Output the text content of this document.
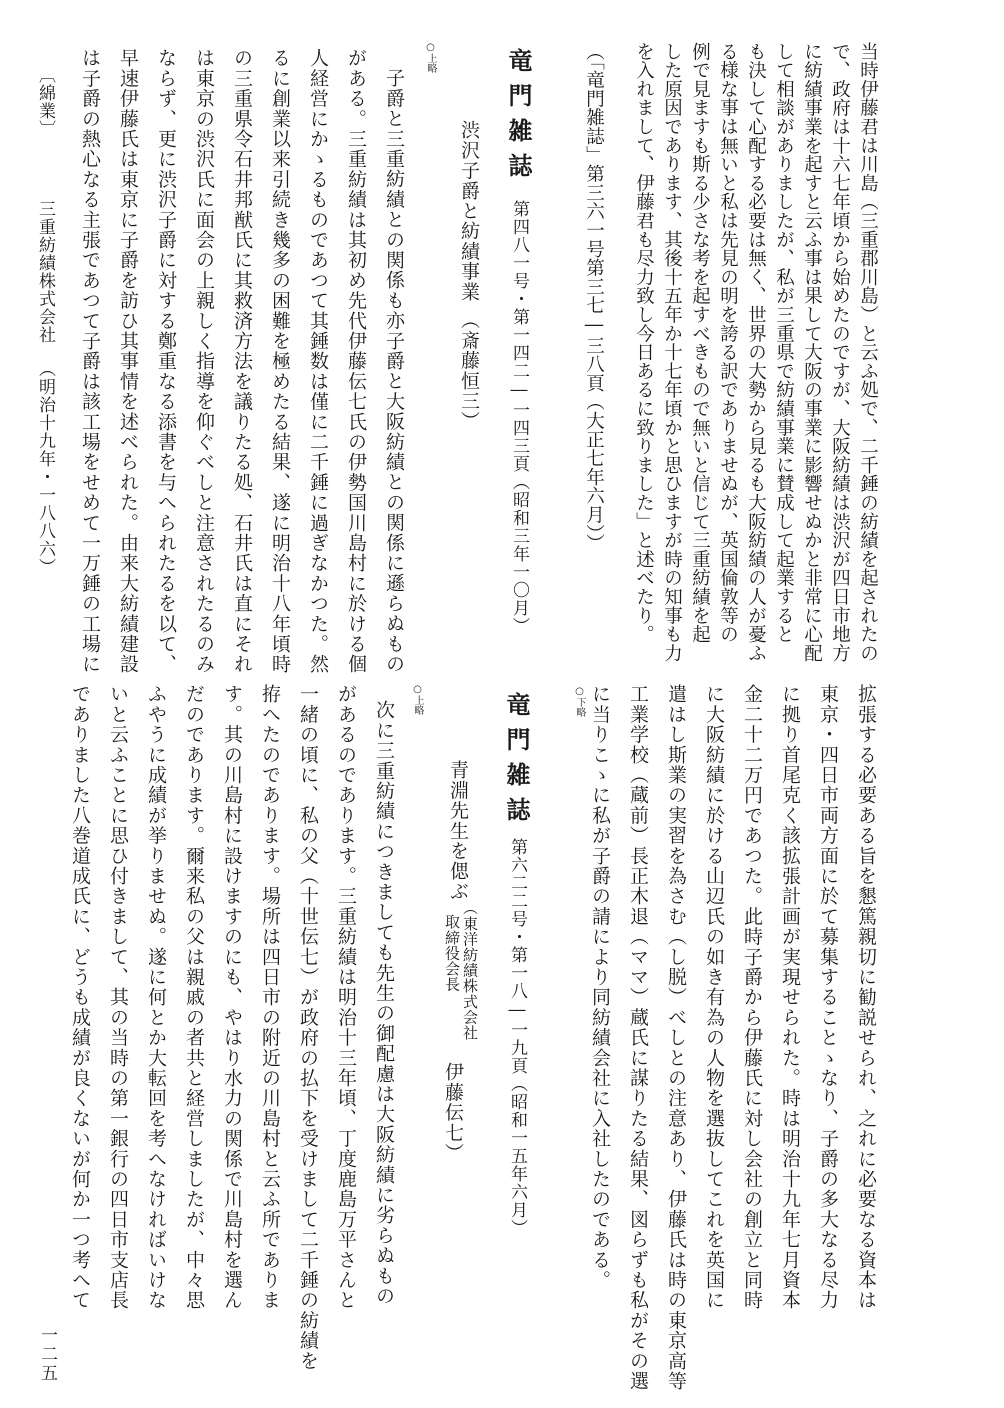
当時伊藤君は川島（三重郡川島）と云ふ処で、二千錘の紡績を起されたの
で、政府は十六七年頃から始めたのですが、大阪紡績は渋沢が四日市地方
に紡績事業を起すと云ふ事は果して大阪の事業に影響せぬかと非常に心配
して相談がありましたが、私が三重県で紡績事業に賛成して起業すると
も決して心配する必要は無く、世界の大勢から見るも大阪紡績の人が憂ふ
る様な事は無いと私は先見の明を誇る訳でありませぬが、英国倫敦等の
例で見ますも斯る少さな考を起すべきもので無いと信じて三重紡績を起
した原因であります、其後十五年か十七年頃かと思ひますが時の知事も力
を入れまして、伊藤君も尽力致し今日あるに致りました」と述べたり。
（「竜門雑誌」第三六一号第三七―三八頁（大正七年六月））
○下略
竜門雑誌
第四八一号・第一四二―一四三頁（昭和三年一〇月）
渋沢子爵と紡績事業
（斎藤恒三）
○上略
子爵と三重紡績との関係も亦子爵と大阪紡績との関係に遜らぬもの
がある。三重紡績は其初め先代伊藤伝七氏の伊勢国川島村に於ける個
人経営にかゝるものであつて其錘数は僅に二千錘に過ぎなかつた。然
るに創業以来引続き幾多の困難を極めたる結果、遂に明治十八年頃時
の三重県令石井邦猷氏に其救済方法を議りたる処、石井氏は直にそれ
は東京の渋沢氏に面会の上親しく指導を仰ぐべしと注意されたるのみ
ならず、更に渋沢子爵に対する鄭重なる添書を与へられたるを以て、
早速伊藤氏は東京に子爵を訪ひ其事情を述べられた。由来大紡績建設
は子爵の熱心なる主張であつて子爵は該工場をせめて一万錘の工場に
〔綿業〕
三重紡績株式会社
（明治十九年・一八八六）
拡張する必要ある旨を懇篤親切に勧説せられ、之れに必要なる資本は
東京・四日市両方面に於て募集することゝなり、子爵の多大なる尽力
に拠り首尾克く該拡張計画が実現せられた。時は明治十九年七月資本
金二十二万円であつた。此時子爵から伊藤氏に対し会社の創立と同時
に大阪紡績に於ける山辺氏の如き有為の人物を選抜してこれを英国に
遣はし斯業の実習を為さむ（し脱）べしとの注意あり、伊藤氏は時の東京高等
工業学校（蔵前）長正木退（ママ）蔵氏に謀りたる結果、図らずも私がその選
に当りこゝに私が子爵の請により同紡績会社に入社したのである。
竜門雑誌
第六二二号・第一八―一九頁（昭和一五年六月）
青淵先生を偲ぶ
（東洋紡績株式会社
取締役会長
伊藤伝七）
○上略
次に三重紡績につきましても先生の御配慮は大阪紡績に劣らぬもの
があるのであります。三重紡績は明治十三年頃、丁度鹿島万平さんと
一緒の頃に、私の父（十世伝七）が政府の払下を受けまして二千錘の紡績を
拵へたのであります。場所は四日市の附近の川島村と云ふ所でありま
す。其の川島村に設けますのにも、やはり水力の関係で川島村を選ん
だのであります。爾来私の父は親戚の者共と経営しましたが、中々思
ふやうに成績が挙りませぬ。遂に何とか大転回を考へなければいけな
いと云ふことに思ひ付きまして、其の当時の第一銀行の四日市支店長
でありました八巻道成氏に、どうも成績が良くないが何か一つ考へて
一二五
